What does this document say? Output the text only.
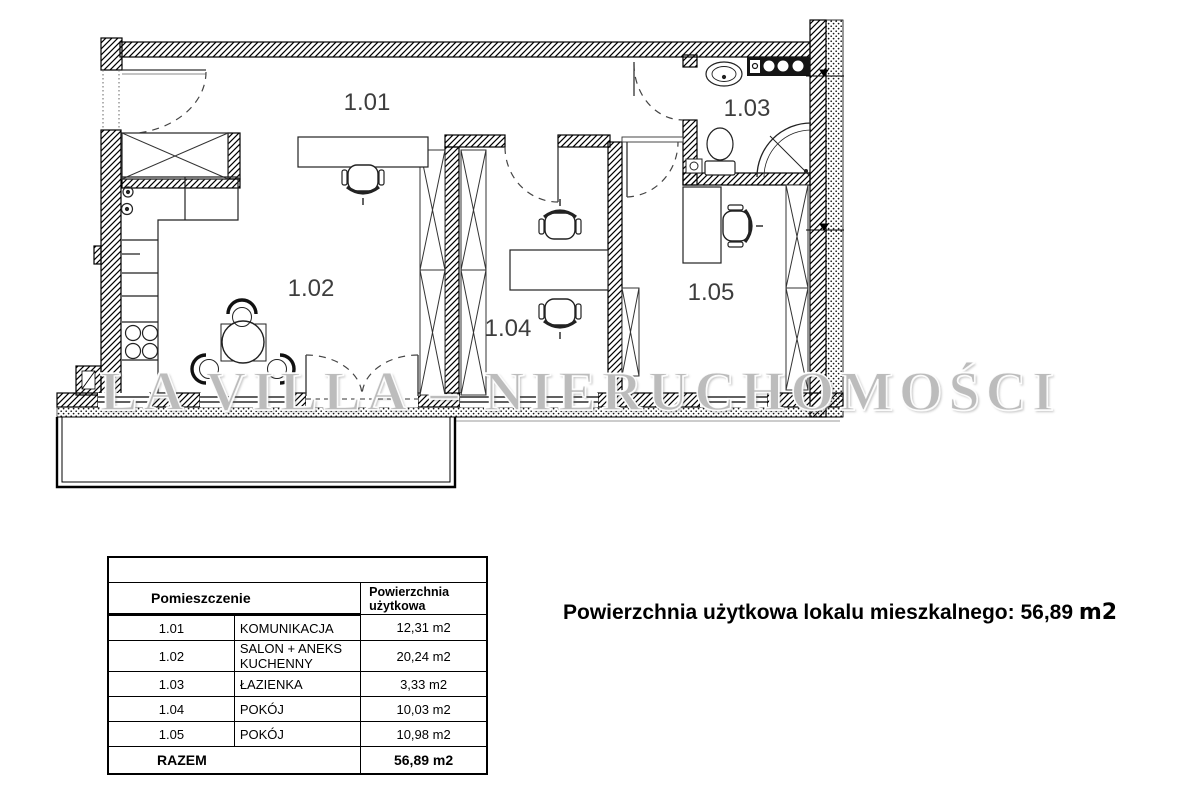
1.01
1.02
1.03
1.04
1.05
LA VILLA – NIERUCHOMOŚCI

Pomieszczenie		Powierzchnia użytkowa
1.01	KOMUNIKACJA	12,31 m2
1.02	SALON + ANEKS KUCHENNY	20,24 m2
1.03	ŁAZIENKA	3,33 m2
1.04	POKÓJ	10,03 m2
1.05	POKÓJ	10,98 m2
RAZEM		56,89 m2
Powierzchnia użytkowa lokalu mieszkalnego: 56,89 m2
